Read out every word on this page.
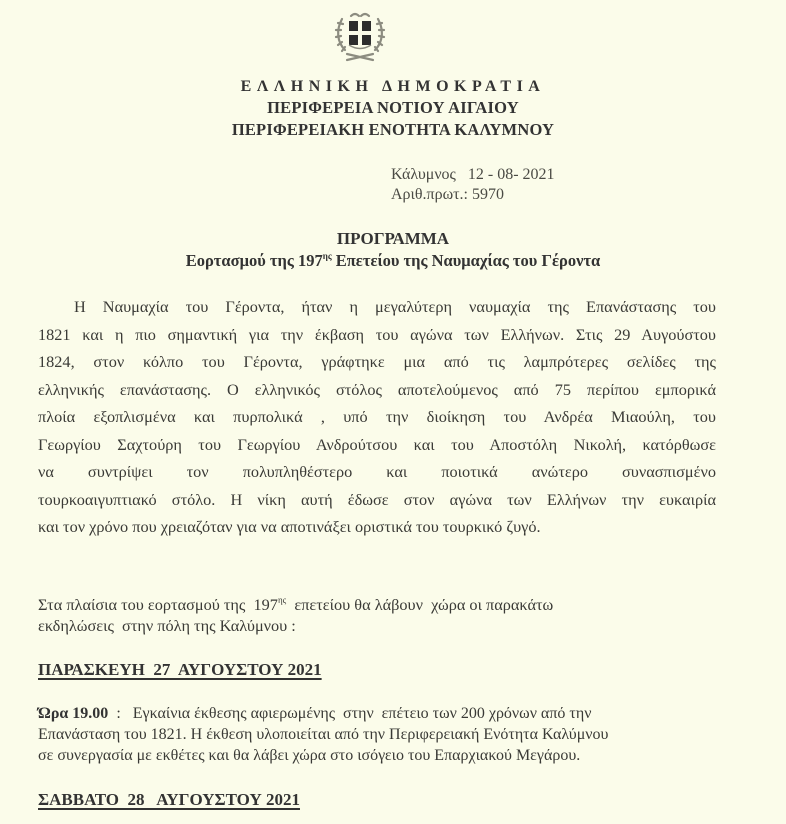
ΕΛΛΗΝΙΚΗ ΔΗΜΟΚΡΑΤΙΑ
ΠΕΡΙΦΕΡΕΙΑ ΝΟΤΙΟΥ ΑΙΓΑΙΟΥ
ΠΕΡΙΦΕΡΕΙΑΚΗ ΕΝΟΤΗΤΑ ΚΑΛΥΜΝΟΥ
Κάλυμνος   12 - 08- 2021
Αριθ.πρωτ.: 5970
ΠΡΟΓΡΑΜΜΑ
Εορτασμού της $197^{\eta\varsigma}$ Επετείου της Ναυμαχίας του Γέροντα
Η Ναυμαχία του Γέροντα, ήταν η μεγαλύτερη ναυμαχία της Επανάστασης του
1821 και η πιο σημαντική για την έκβαση του αγώνα των Ελλήνων. Στις 29 Αυγούστου
1824, στον κόλπο του Γέροντα, γράφτηκε μια από τις λαμπρότερες σελίδες της
ελληνικής επανάστασης. Ο ελληνικός στόλος αποτελούμενος από 75 περίπου εμπορικά
πλοία εξοπλισμένα και πυρπολικά , υπό την διοίκηση του Ανδρέα Μιαούλη, του
Γεωργίου Σαχτούρη του Γεωργίου Ανδρούτσου και του Αποστόλη Νικολή, κατόρθωσε
να συντρίψει τον πολυπληθέστερο και ποιοτικά ανώτερο συνασπισμένο
τουρκοαιγυπτιακό στόλο. Η νίκη αυτή έδωσε στον αγώνα των Ελλήνων την ευκαιρία
και τον χρόνο που χρειαζόταν για να αποτινάξει οριστικά του τουρκικό ζυγό.
Στα πλαίσια του εορτασμού της  $197^{\eta\varsigma}$  επετείου θα λάβουν  χώρα οι παρακάτω
εκδηλώσεις  στην πόλη της Καλύμνου :
ΠΑΡΑΣΚΕΥΗ  27  ΑΥΓΟΥΣΤΟΥ 2021
Ώρα 19.00  :   Εγκαίνια έκθεσης αφιερωμένης  στην  επέτειο των 200 χρόνων από την
Επανάσταση του 1821. Η έκθεση υλοποιείται από την Περιφερειακή Ενότητα Καλύμνου
σε συνεργασία με εκθέτες και θα λάβει χώρα στο ισόγειο του Επαρχιακού Μεγάρου.
ΣΑΒΒΑΤΟ  28   ΑΥΓΟΥΣΤΟΥ 2021
